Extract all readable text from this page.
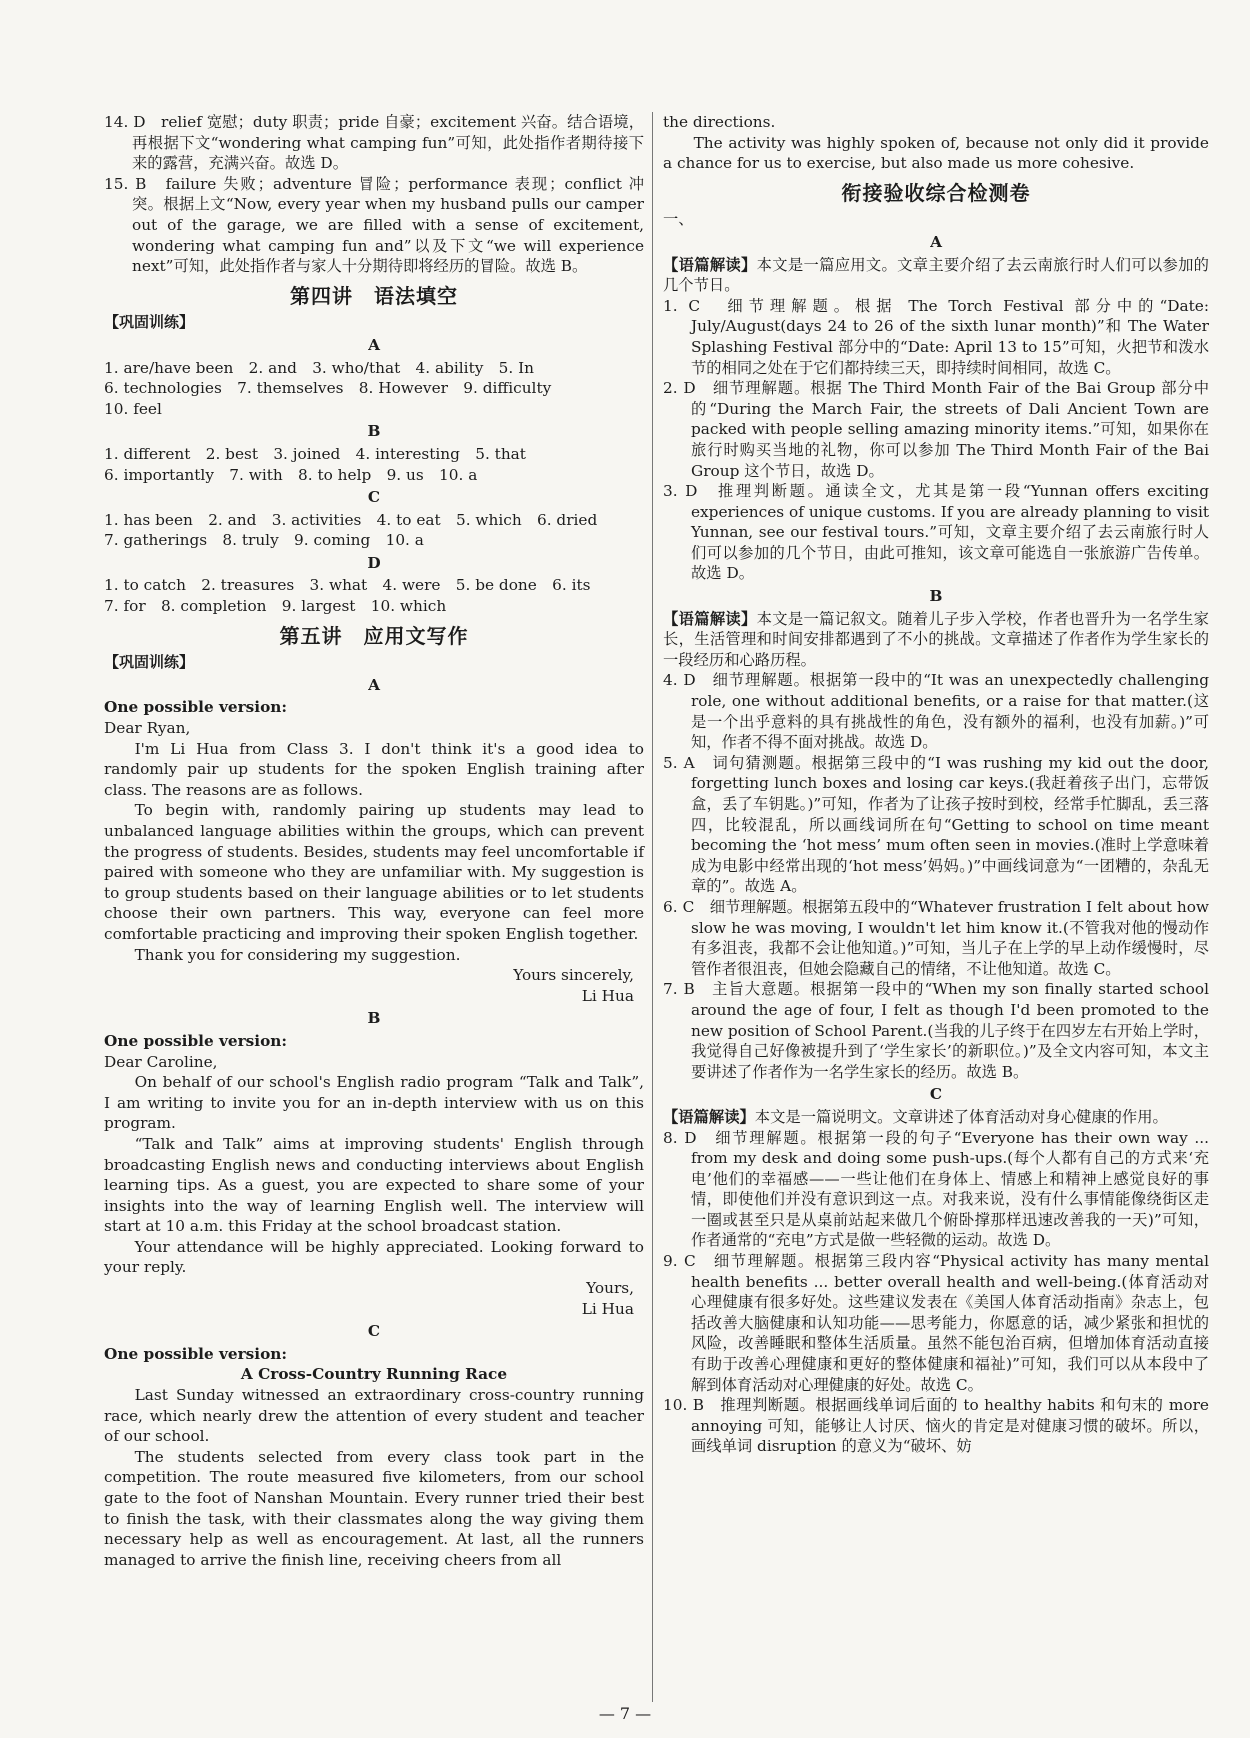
14. D　relief 宽慰；duty 职责；pride 自豪；excitement 兴奋。结合语境，再根据下文“wondering what camping fun”可知，此处指作者期待接下来的露营，充满兴奋。故选 D。

15. B　failure 失败；adventure 冒险；performance 表现；conflict 冲突。根据上文“Now, every year when my husband pulls our camper out of the garage, we are filled with a sense of excitement, wondering what camping fun and”以及下文“we will experience next”可知，此处指作者与家人十分期待即将经历的冒险。故选 B。

第四讲　语法填空
【巩固训练】
A

1. are/have been　2. and　3. who/that　4. ability　5. In

6. technologies　7. themselves　8. However　9. difficulty

10. feel

B

1. different　2. best　3. joined　4. interesting　5. that

6. importantly　7. with　8. to help　9. us　10. a

C

1. has been　2. and　3. activities　4. to eat　5. which　6. dried

7. gatherings　8. truly　9. coming　10. a

D

1. to catch　2. treasures　3. what　4. were　5. be done　6. its

7. for　8. completion　9. largest　10. which

第五讲　应用文写作
【巩固训练】
A

One possible version:

Dear Ryan,

I'm Li Hua from Class 3. I don't think it's a good idea to randomly pair up students for the spoken English training after class. The reasons are as follows.

To begin with, randomly pairing up students may lead to unbalanced language abilities within the groups, which can prevent the progress of students. Besides, students may feel uncomfortable if paired with someone who they are unfamiliar with. My suggestion is to group students based on their language abilities or to let students choose their own partners. This way, everyone can feel more comfortable practicing and improving their spoken English together.

Thank you for considering my suggestion.

Yours sincerely,

Li Hua

B

One possible version:

Dear Caroline,

On behalf of our school's English radio program “Talk and Talk”, I am writing to invite you for an in-depth interview with us on this program.

“Talk and Talk” aims at improving students' English through broadcasting English news and conducting interviews about English learning tips. As a guest, you are expected to share some of your insights into the way of learning English well. The interview will start at 10 a.m. this Friday at the school broadcast station.

Your attendance will be highly appreciated. Looking forward to your reply.

Yours,

Li Hua

C

One possible version:

A Cross-Country Running Race

Last Sunday witnessed an extraordinary cross-country running race, which nearly drew the attention of every student and teacher of our school.

The students selected from every class took part in the competition. The route measured five kilometers, from our school gate to the foot of Nanshan Mountain. Every runner tried their best to finish the task, with their classmates along the way giving them necessary help as well as encouragement. At last, all the runners managed to arrive the finish line, receiving cheers from all

the directions.

The activity was highly spoken of, because not only did it provide a chance for us to exercise, but also made us more cohesive.

衔接验收综合检测卷

一、

A

【语篇解读】本文是一篇应用文。文章主要介绍了去云南旅行时人们可以参加的几个节日。

1. C　细节理解题。根据 The Torch Festival 部分中的“Date: July/August(days 24 to 26 of the sixth lunar month)”和 The Water Splashing Festival 部分中的“Date: April 13 to 15”可知，火把节和泼水节的相同之处在于它们都持续三天，即持续时间相同，故选 C。

2. D　细节理解题。根据 The Third Month Fair of the Bai Group 部分中的“During the March Fair, the streets of Dali Ancient Town are packed with people selling amazing minority items.”可知，如果你在旅行时购买当地的礼物，你可以参加 The Third Month Fair of the Bai Group 这个节日，故选 D。

3. D　推理判断题。通读全文，尤其是第一段“Yunnan offers exciting experiences of unique customs. If you are already planning to visit Yunnan, see our festival tours.”可知，文章主要介绍了去云南旅行时人们可以参加的几个节日，由此可推知，该文章可能选自一张旅游广告传单。故选 D。

B

【语篇解读】本文是一篇记叙文。随着儿子步入学校，作者也晋升为一名学生家长，生活管理和时间安排都遇到了不小的挑战。文章描述了作者作为学生家长的一段经历和心路历程。

4. D　细节理解题。根据第一段中的“It was an unexpectedly challenging role, one without additional benefits, or a raise for that matter.(这是一个出乎意料的具有挑战性的角色，没有额外的福利，也没有加薪。)”可知，作者不得不面对挑战。故选 D。

5. A　词句猜测题。根据第三段中的“I was rushing my kid out the door, forgetting lunch boxes and losing car keys.(我赶着孩子出门，忘带饭盒，丢了车钥匙。)”可知，作者为了让孩子按时到校，经常手忙脚乱，丢三落四，比较混乱，所以画线词所在句“Getting to school on time meant becoming the ‘hot mess’ mum often seen in movies.(准时上学意味着成为电影中经常出现的‘hot mess’妈妈。)”中画线词意为“一团糟的，杂乱无章的”。故选 A。

6. C　细节理解题。根据第五段中的“Whatever frustration I felt about how slow he was moving, I wouldn't let him know it.(不管我对他的慢动作有多沮丧，我都不会让他知道。)”可知，当儿子在上学的早上动作缓慢时，尽管作者很沮丧，但她会隐藏自己的情绪，不让他知道。故选 C。

7. B　主旨大意题。根据第一段中的“When my son finally started school around the age of four, I felt as though I'd been promoted to the new position of School Parent.(当我的儿子终于在四岁左右开始上学时，我觉得自己好像被提升到了‘学生家长’的新职位。)”及全文内容可知，本文主要讲述了作者作为一名学生家长的经历。故选 B。

C

【语篇解读】本文是一篇说明文。文章讲述了体育活动对身心健康的作用。

8. D　细节理解题。根据第一段的句子“Everyone has their own way ... from my desk and doing some push-ups.(每个人都有自己的方式来‘充电’他们的幸福感——一些让他们在身体上、情感上和精神上感觉良好的事情，即使他们并没有意识到这一点。对我来说，没有什么事情能像绕街区走一圈或甚至只是从桌前站起来做几个俯卧撑那样迅速改善我的一天)”可知，作者通常的“充电”方式是做一些轻微的运动。故选 D。

9. C　细节理解题。根据第三段内容“Physical activity has many mental health benefits ... better overall health and well-being.(体育活动对心理健康有很多好处。这些建议发表在《美国人体育活动指南》杂志上，包括改善大脑健康和认知功能——思考能力，你愿意的话，减少紧张和担忧的风险，改善睡眠和整体生活质量。虽然不能包治百病，但增加体育活动直接有助于改善心理健康和更好的整体健康和福祉)”可知，我们可以从本段中了解到体育活动对心理健康的好处。故选 C。

10. B　推理判断题。根据画线单词后面的 to healthy habits 和句末的 more annoying 可知，能够让人讨厌、恼火的肯定是对健康习惯的破坏。所以，画线单词 disruption 的意义为“破坏、妨

— 7 —
